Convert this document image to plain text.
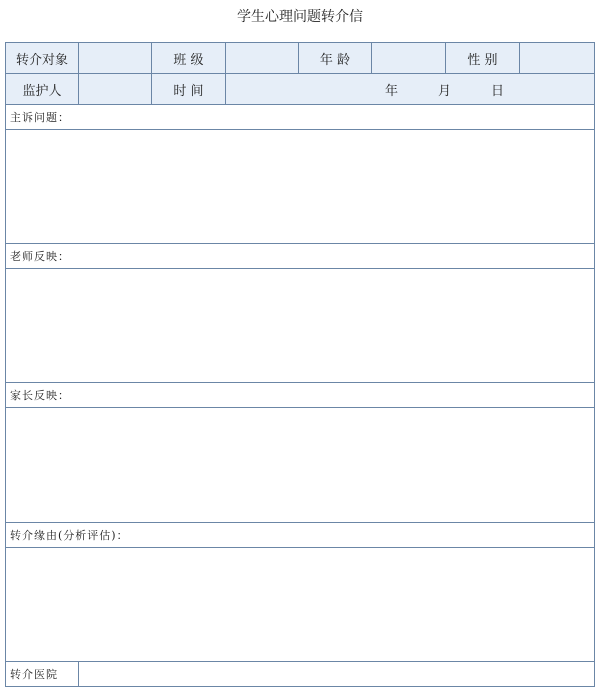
学生心理问题转介信
转介对象	班 级	年 龄	性 别
监护人	时 间	年	月	日
主诉问题：
老师反映：
家长反映：
转介缘由(分析评估)：
转介医院
